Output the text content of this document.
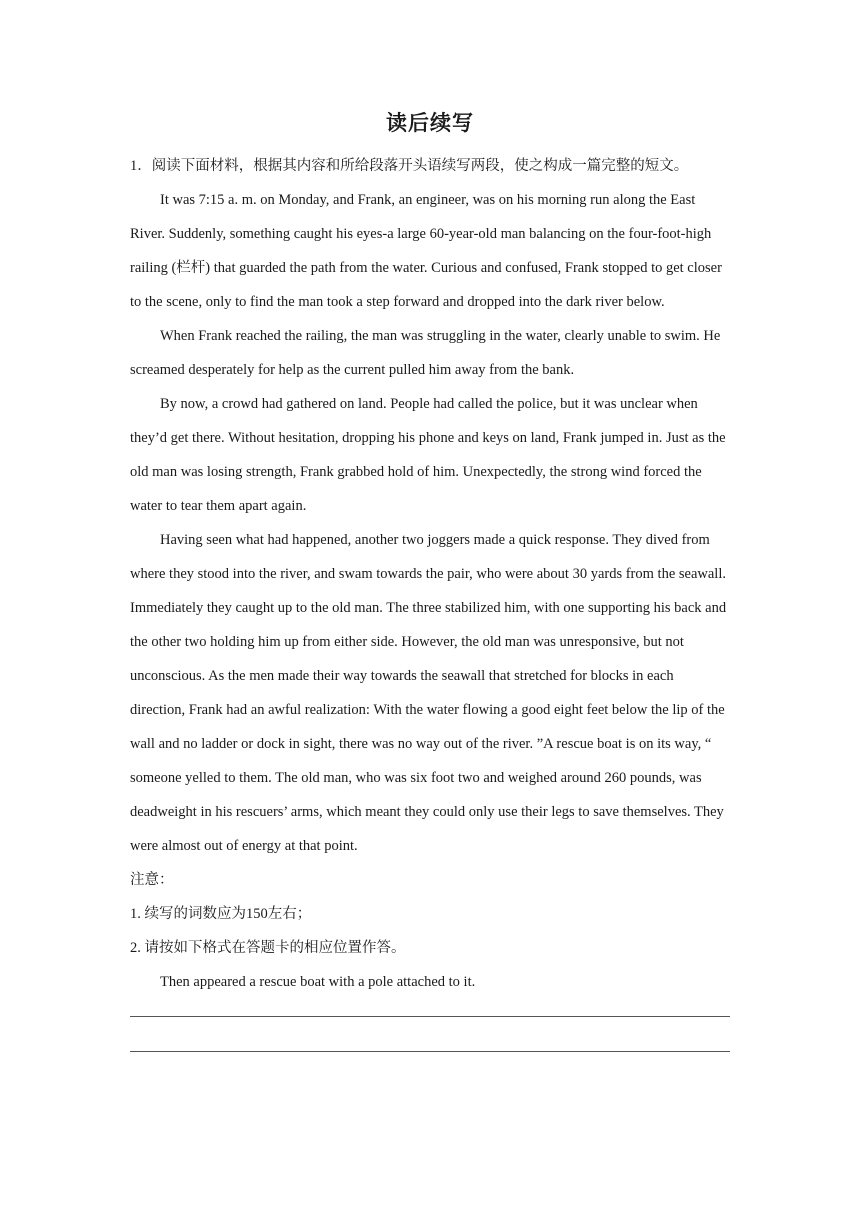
读后续写

1．阅读下面材料，根据其内容和所给段落开头语续写两段，使之构成一篇完整的短文。

It was 7:15 a. m. on Monday, and Frank, an engineer, was on his morning run along the East River. Suddenly, something caught his eyes-a large 60-year-old man balancing on the four-foot-high railing (栏杆) that guarded the path from the water. Curious and confused, Frank stopped to get closer to the scene, only to find the man took a step forward and dropped into the dark river below.

When Frank reached the railing, the man was struggling in the water, clearly unable to swim. He screamed desperately for help as the current pulled him away from the bank.

By now, a crowd had gathered on land. People had called the police, but it was unclear when they’d get there. Without hesitation, dropping his phone and keys on land, Frank jumped in. Just as the old man was losing strength, Frank grabbed hold of him. Unexpectedly, the strong wind forced the water to tear them apart again.

Having seen what had happened, another two joggers made a quick response. They dived from where they stood into the river, and swam towards the pair, who were about 30 yards from the seawall. Immediately they caught up to the old man. The three stabilized him, with one supporting his back and the other two holding him up from either side. However, the old man was unresponsive, but not unconscious. As the men made their way towards the seawall that stretched for blocks in each direction, Frank had an awful realization: With the water flowing a good eight feet below the lip of the wall and no ladder or dock in sight, there was no way out of the river. ”A rescue boat is on its way, “ someone yelled to them. The old man, who was six foot two and weighed around 260 pounds, was deadweight in his rescuers’ arms, which meant they could only use their legs to save themselves. They were almost out of energy at that point.

注意：

1. 续写的词数应为150左右；

2. 请按如下格式在答题卡的相应位置作答。

Then appeared a rescue boat with a pole attached to it.
